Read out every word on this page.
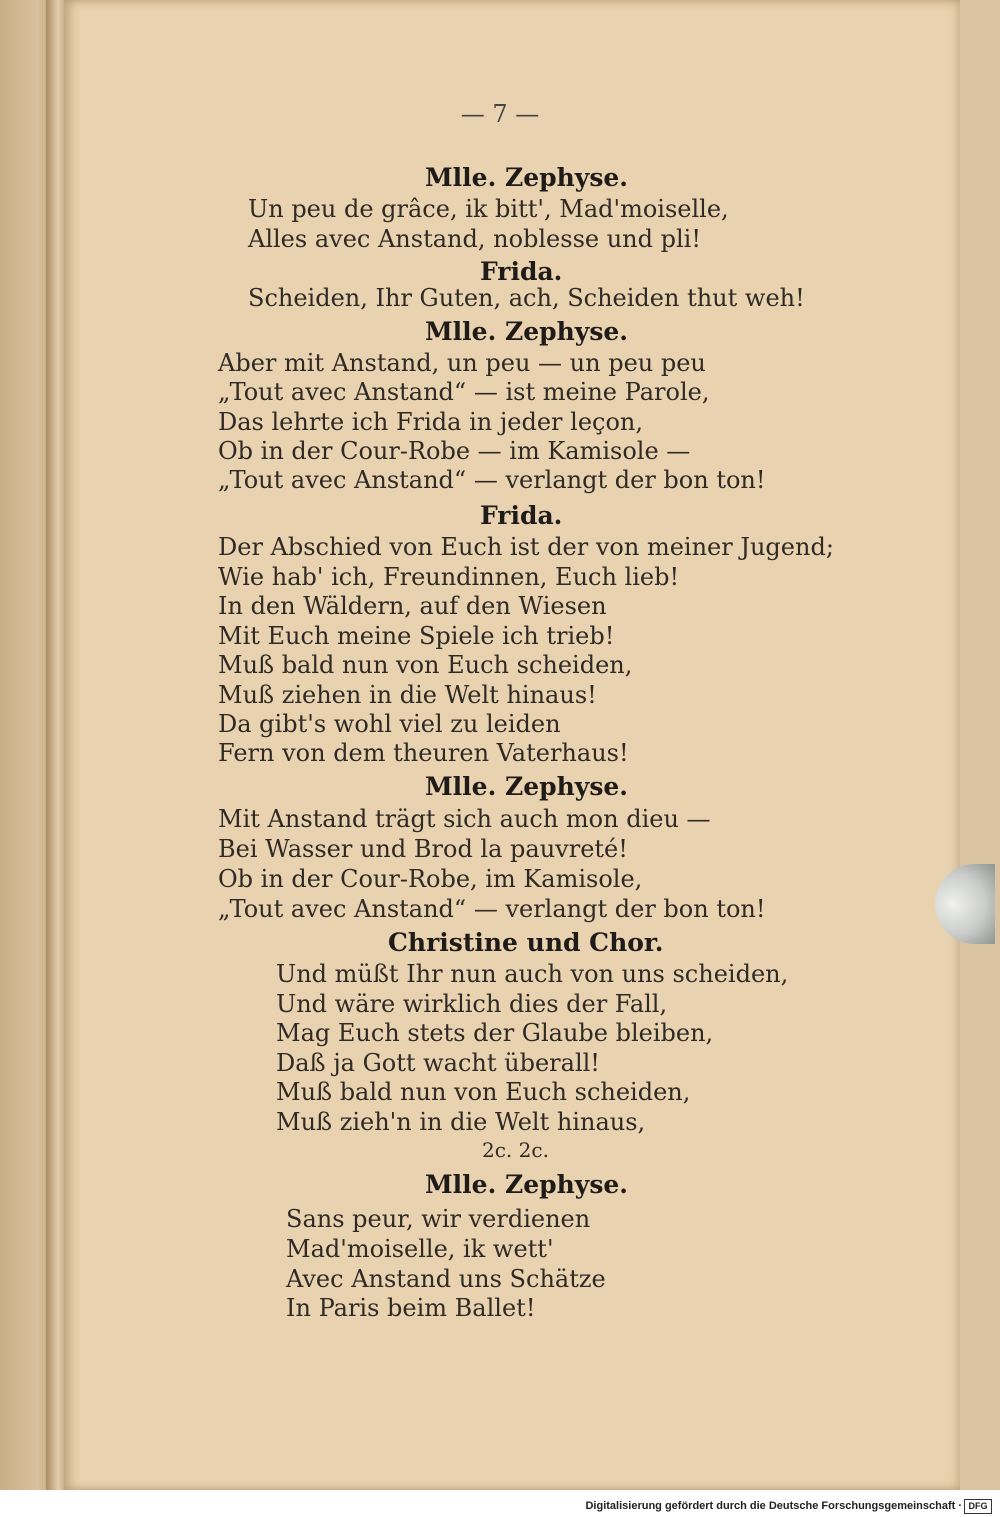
— 7 —
Mlle. Zephyse.
Un peu de grâce, ik bitt', Mad'moiselle,
Alles avec Anstand, noblesse und pli!
Frida.
Scheiden, Ihr Guten, ach, Scheiden thut weh!
Mlle. Zephyse.
Aber mit Anstand, un peu — un peu peu
„Tout avec Anstand“ — ist meine Parole,
Das lehrte ich Frida in jeder leçon,
Ob in der Cour-Robe — im Kamisole —
„Tout avec Anstand“ — verlangt der bon ton!
Frida.
Der Abschied von Euch ist der von meiner Jugend;
Wie hab' ich, Freundinnen, Euch lieb!
In den Wäldern, auf den Wiesen
Mit Euch meine Spiele ich trieb!
Muß bald nun von Euch scheiden,
Muß ziehen in die Welt hinaus!
Da gibt's wohl viel zu leiden
Fern von dem theuren Vaterhaus!
Mlle. Zephyse.
Mit Anstand trägt sich auch mon dieu —
Bei Wasser und Brod la pauvreté!
Ob in der Cour-Robe, im Kamisole,
„Tout avec Anstand“ — verlangt der bon ton!
Christine und Chor.
Und müßt Ihr nun auch von uns scheiden,
Und wäre wirklich dies der Fall,
Mag Euch stets der Glaube bleiben,
Daß ja Gott wacht überall!
Muß bald nun von Euch scheiden,
Muß zieh'n in die Welt hinaus,
2c. 2c.
Mlle. Zephyse.
Sans peur, wir verdienen
Mad'moiselle, ik wett'
Avec Anstand uns Schätze
In Paris beim Ballet!
Digitalisierung gefördert durch die Deutsche Forschungsgemeinschaft · DFG
